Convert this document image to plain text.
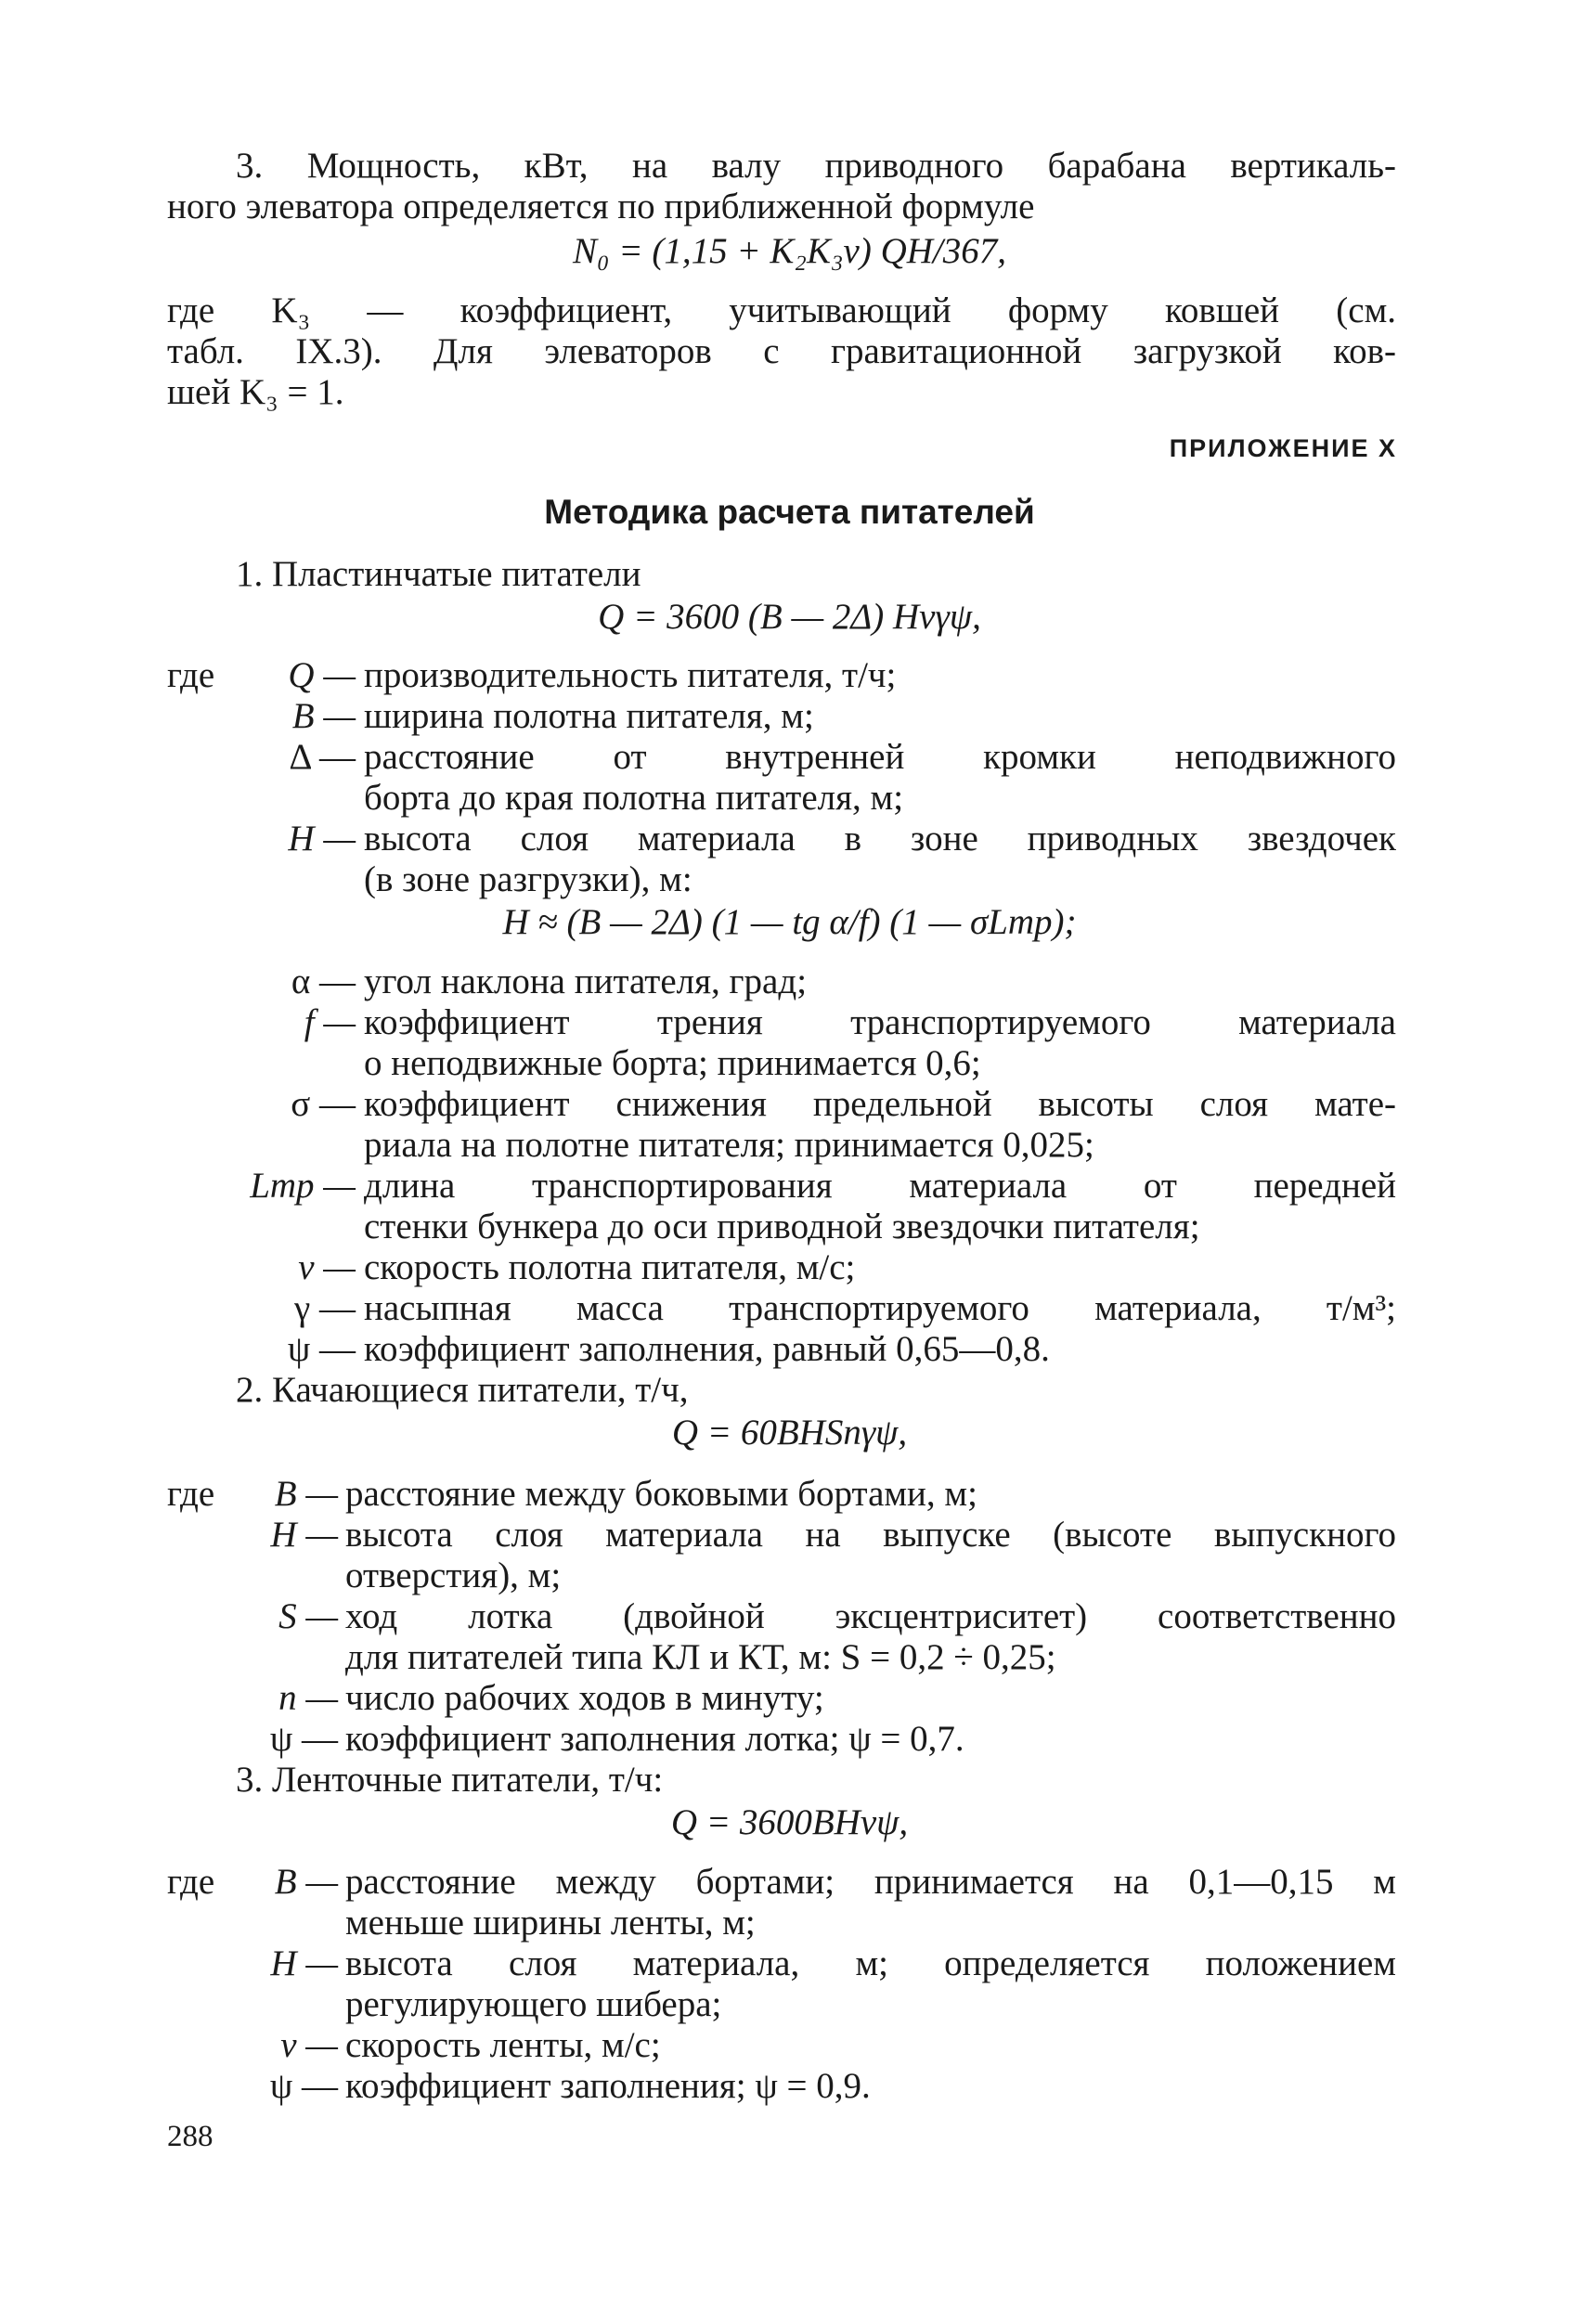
3. Мощность, кВт, на валу приводного барабана вертикаль-
ного элеватора определяется по приближенной формуле
N₀ = (1,15 + K₂K₃v) QH/367,
где K₃ — коэффициент, учитывающий форму ковшей (см.
табл. IX.3). Для элеваторов с гравитационной загрузкой ков-
шей K₃ = 1.
ПРИЛОЖЕНИЕ X
Методика расчета питателей
1. Пластинчатые питатели
Q = 3600 (B — 2Δ) Hvγψ,
где Q — производительность питателя, т/ч;
B — ширина полотна питателя, м;
Δ — расстояние от внутренней кромки неподвижного
борта до края полотна питателя, м;
H — высота слоя материала в зоне приводных звездочек
(в зоне разгрузки), м:
H ≈ (B — 2Δ) (1 — tg α/f) (1 — σLтр);
α — угол наклона питателя, град;
f — коэффициент трения транспортируемого материала
о неподвижные борта; принимается 0,6;
σ — коэффициент снижения предельной высоты слоя мате-
риала на полотне питателя; принимается 0,025;
Lтр — длина транспортирования материала от передней
стенки бункера до оси приводной звездочки питателя;
v — скорость полотна питателя, м/с;
γ — насыпная масса транспортируемого материала, т/м³;
ψ — коэффициент заполнения, равный 0,65—0,8.
2. Качающиеся питатели, т/ч,
Q = 60BHSnγψ,
где B — расстояние между боковыми бортами, м;
H — высота слоя материала на выпуске (высоте выпускного
отверстия), м;
S — ход лотка (двойной эксцентриситет) соответственно
для питателей типа КЛ и КТ, м: S = 0,2 ÷ 0,25;
n — число рабочих ходов в минуту;
ψ — коэффициент заполнения лотка; ψ = 0,7.
3. Ленточные питатели, т/ч:
Q = 3600BHvψ,
где B — расстояние между бортами; принимается на 0,1—0,15 м
меньше ширины ленты, м;
H — высота слоя материала, м; определяется положением
регулирующего шибера;
v — скорость ленты, м/с;
ψ — коэффициент заполнения; ψ = 0,9.
288
